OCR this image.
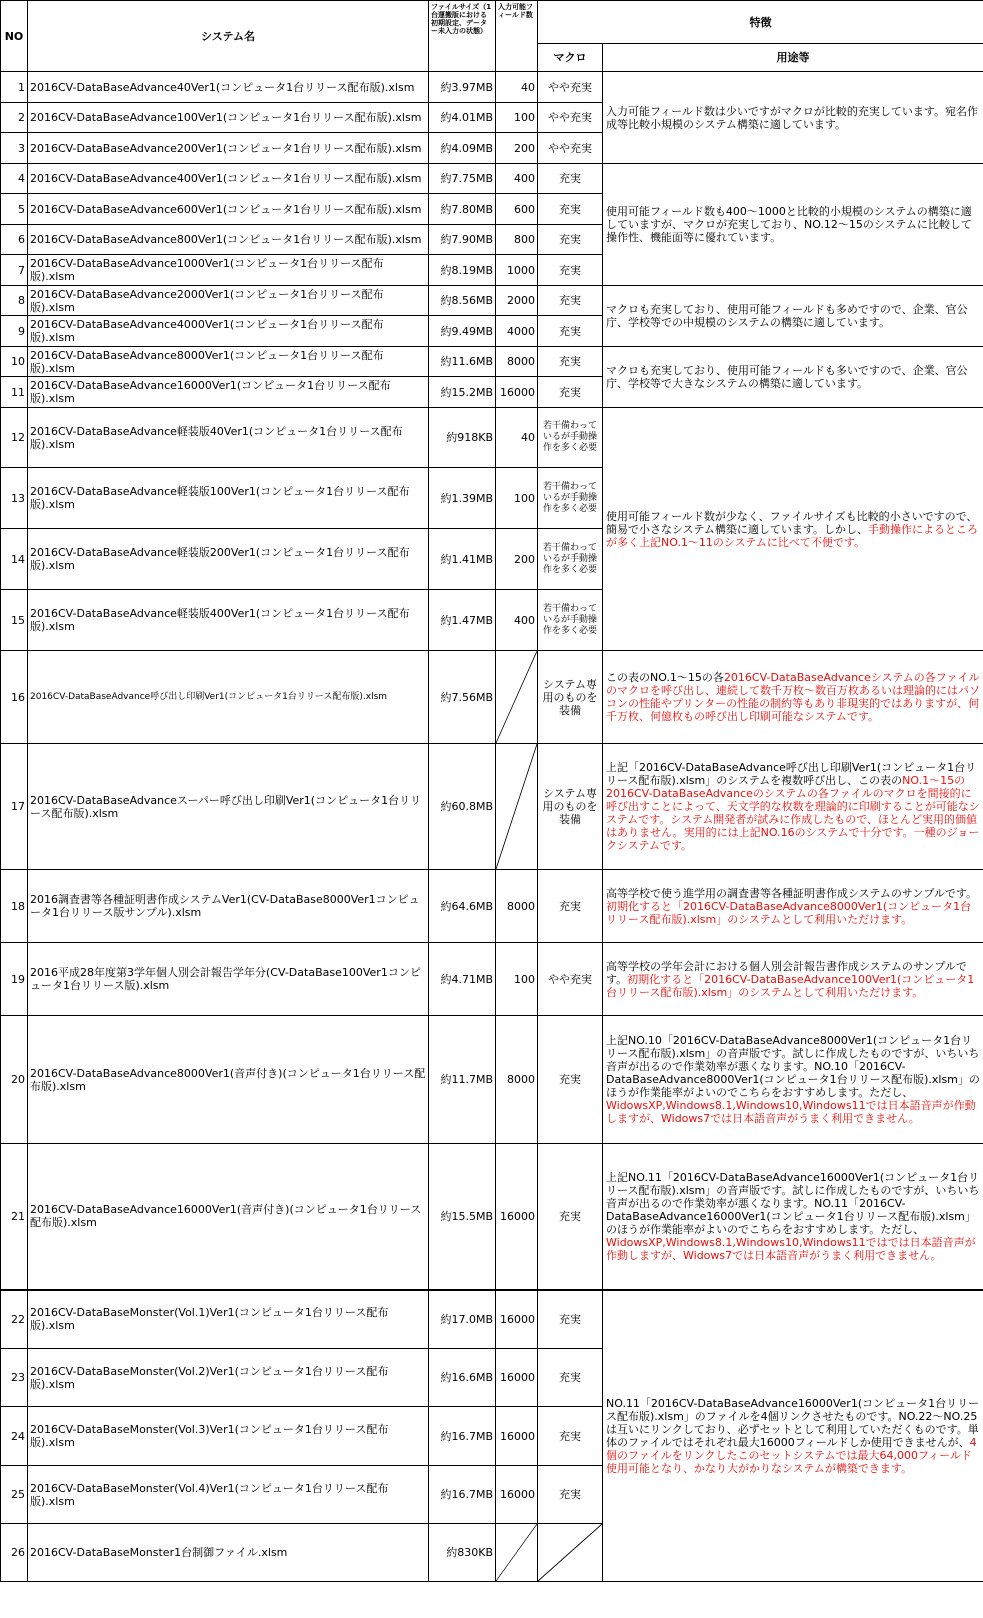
NO	システム名	ファイルサイズ（1台運搬版における初期設定、データー未入力の状態）	入力可能フィールド数	特徴	
				マクロ	用途等
1	2016CV-DataBaseAdvance40Ver1(コンピュータ1台リリース配布版).xlsm	約3.97MB	40	やや充実	入力可能フィールド数は少いですがマクロが比較的充実しています。宛名作成等比較小規模のシステム構築に適しています。
2	2016CV-DataBaseAdvance100Ver1(コンピュータ1台リリース配布版).xlsm	約4.01MB	100	やや充実	
3	2016CV-DataBaseAdvance200Ver1(コンピュータ1台リリース配布版).xlsm	約4.09MB	200	やや充実	
4	2016CV-DataBaseAdvance400Ver1(コンピュータ1台リリース配布版).xlsm	約7.75MB	400	充実	使用可能フィールド数も400〜1000と比較的小規模のシステムの構築に適していますが、マクロが充実しており、NO.12〜15のシステムに比較して操作性、機能面等に優れています。
5	2016CV-DataBaseAdvance600Ver1(コンピュータ1台リリース配布版).xlsm	約7.80MB	600	充実	
6	2016CV-DataBaseAdvance800Ver1(コンピュータ1台リリース配布版).xlsm	約7.90MB	800	充実	
7	2016CV-DataBaseAdvance1000Ver1(コンピュータ1台リリース配布版).xlsm	約8.19MB	1000	充実	
8	2016CV-DataBaseAdvance2000Ver1(コンピュータ1台リリース配布版).xlsm	約8.56MB	2000	充実	マクロも充実しており、使用可能フィールドも多めですので、企業、官公庁、学校等での中規模のシステムの構築に適しています。
9	2016CV-DataBaseAdvance4000Ver1(コンピュータ1台リリース配布版).xlsm	約9.49MB	4000	充実	
10	2016CV-DataBaseAdvance8000Ver1(コンピュータ1台リリース配布版).xlsm	約11.6MB	8000	充実	マクロも充実しており、使用可能フィールドも多いですので、企業、官公庁、学校等で大きなシステムの構築に適しています。
11	2016CV-DataBaseAdvance16000Ver1(コンピュータ1台リリース配布版).xlsm	約15.2MB	16000	充実	
12	2016CV-DataBaseAdvance軽装版40Ver1(コンピュータ1台リリース配布版).xlsm	約918KB	40	若干備わっているが手動操作を多く必要	使用可能フィールド数が少なく、ファイルサイズも比較的小さいですので、簡易で小さなシステム構築に適しています。しかし、手動操作によるところが多く上記NO.1〜11のシステムに比べて不便です。
13	2016CV-DataBaseAdvance軽装版100Ver1(コンピュータ1台リリース配布版).xlsm	約1.39MB	100	若干備わっているが手動操作を多く必要	
14	2016CV-DataBaseAdvance軽装版200Ver1(コンピュータ1台リリース配布版).xlsm	約1.41MB	200	若干備わっているが手動操作を多く必要	
15	2016CV-DataBaseAdvance軽装版400Ver1(コンピュータ1台リリース配布版).xlsm	約1.47MB	400	若干備わっているが手動操作を多く必要	
16	2016CV-DataBaseAdvance呼び出し印刷Ver1(コンピュータ1台リリース配布版).xlsm	約7.56MB		システム専用のものを装備	この表のNO.1〜15の各2016CV-DataBaseAdvanceシステムの各ファイルのマクロを呼び出し、連続して数千万枚〜数百万枚あるいは理論的にはパソコンの性能やプリンターの性能の制約等もあり非現実的ではありますが、何千万枚、何億枚もの呼び出し印刷可能なシステムです。
17	2016CV-DataBaseAdvanceスーパー呼び出し印刷Ver1(コンピュータ1台リリース配布版).xlsm	約60.8MB		システム専用のものを装備	上記「2016CV-DataBaseAdvance呼び出し印刷Ver1(コンピュータ1台リリース配布版).xlsm」のシステムを複数呼び出し、この表のNO.1〜15の2016CV-DataBaseAdvanceのシステムの各ファイルのマクロを間接的に呼び出すことによって、天文学的な枚数を理論的に印刷することが可能なシステムです。システム開発者が試みに作成したもので、ほとんど実用的価値はありません。実用的には上記NO.16のシステムで十分です。一種のジョークシステムです。
18	2016調査書等各種証明書作成システムVer1(CV-DataBase8000Ver1コンピュータ1台リリース版サンプル).xlsm	約64.6MB	8000	充実	高等学校で使う進学用の調査書等各種証明書作成システムのサンプルです。初期化すると「2016CV-DataBaseAdvance8000Ver1(コンピュータ1台リリース配布版).xlsm」のシステムとして利用いただけます。
19	2016平成28年度第3学年個人別会計報告学年分(CV-DataBase100Ver1コンピュータ1台リリース版).xlsm	約4.71MB	100	やや充実	高等学校の学年会計における個人別会計報告書作成システムのサンプルです。初期化すると「2016CV-DataBaseAdvance100Ver1(コンピュータ1台リリース配布版).xlsm」のシステムとして利用いただけます。
20	2016CV-DataBaseAdvance8000Ver1(音声付き)(コンピュータ1台リリース配布版).xlsm	約11.7MB	8000	充実	上記NO.10「2016CV-DataBaseAdvance8000Ver1(コンピュータ1台リリース配布版).xlsm」の音声版です。試しに作成したものですが、いちいち音声が出るので作業効率が悪くなります。NO.10「2016CV-DataBaseAdvance8000Ver1(コンピュータ1台リリース配布版).xlsm」のほうが作業能率がよいのでこちらをおすすめします。ただし、WidowsXP,Windows8.1,Windows10,Windows11では日本語音声が作動しますが、Widows7では日本語音声がうまく利用できません。
21	2016CV-DataBaseAdvance16000Ver1(音声付き)(コンピュータ1台リリース配布版).xlsm	約15.5MB	16000	充実	上記NO.11「2016CV-DataBaseAdvance16000Ver1(コンピュータ1台リリース配布版).xlsm」の音声版です。試しに作成したものですが、いちいち音声が出るので作業効率が悪くなります。NO.11「2016CV-DataBaseAdvance16000Ver1(コンピュータ1台リリース配布版).xlsm」のほうが作業能率がよいのでこちらをおすすめします。ただし、WidowsXP,Windows8.1,Windows10,Windows11ではでは日本語音声が作動しますが、Widows7では日本語音声がうまく利用できません。
22	2016CV-DataBaseMonster(Vol.1)Ver1(コンピュータ1台リリース配布版).xlsm	約17.0MB	16000	充実	NO.11「2016CV-DataBaseAdvance16000Ver1(コンピュータ1台リリース配布版).xlsm」のファイルを4個リンクさせたものです。NO.22〜NO.25は互いにリンクしており、必ずセットとして利用していただくものです。単体のファイルではそれぞれ最大16000フィールドしか使用できませんが、4個のファイルをリンクしたこのセットシステムでは最大64,000フィールド使用可能となり、かなり大がかりなシステムが構築できます。
23	2016CV-DataBaseMonster(Vol.2)Ver1(コンピュータ1台リリース配布版).xlsm	約16.6MB	16000	充実	
24	2016CV-DataBaseMonster(Vol.3)Ver1(コンピュータ1台リリース配布版).xlsm	約16.7MB	16000	充実	
25	2016CV-DataBaseMonster(Vol.4)Ver1(コンピュータ1台リリース配布版).xlsm	約16.7MB	16000	充実	
26	2016CV-DataBaseMonster1台制御ファイル.xlsm	約830KB	
